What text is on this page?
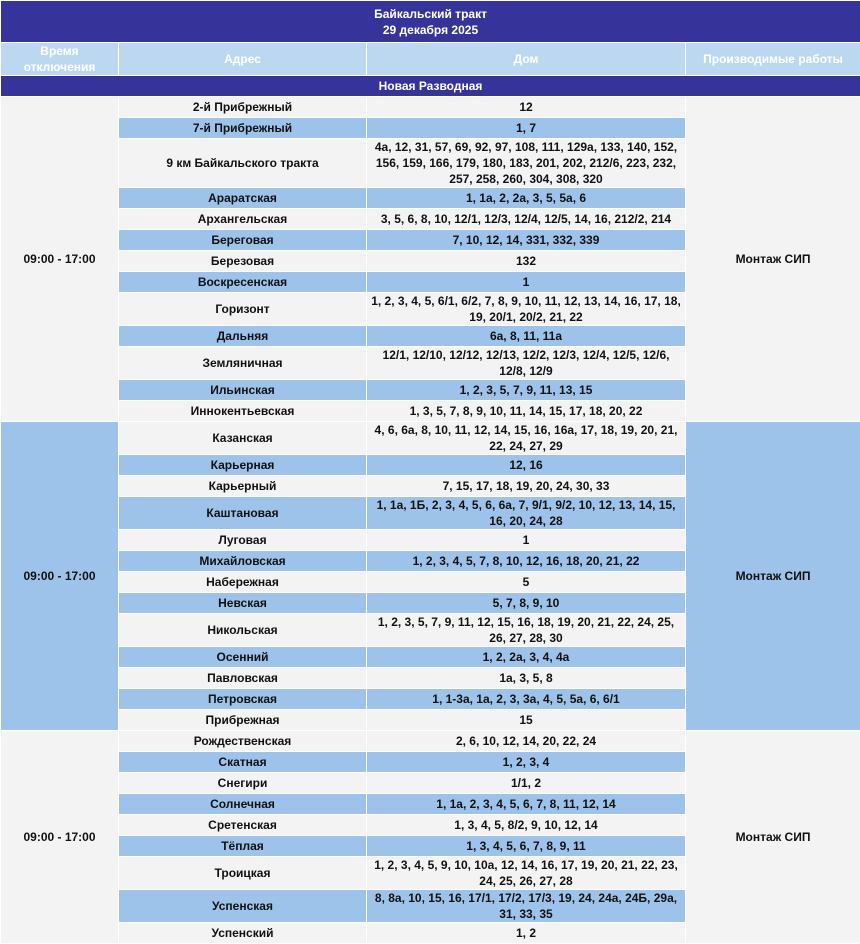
Байкальский тракт
29 декабря 2025			

Время отключения	Адрес	Дом	Производимые работы
Новая Разводная			
09:00 - 17:00	2-й Прибрежный	12	Монтаж СИП
	7-й Прибрежный	1, 7	
	9 км Байкальского тракта	4а, 12, 31, 57, 69, 92, 97, 108, 111, 129а, 133, 140, 152, 156, 159, 166, 179, 180, 183, 201, 202, 212/6, 223, 232, 257, 258, 260, 304, 308, 320	
	Араратская	1, 1а, 2, 2а, 3, 5, 5а, 6	
	Архангельская	3, 5, 6, 8, 10, 12/1, 12/3, 12/4, 12/5, 14, 16, 212/2, 214	
	Береговая	7, 10, 12, 14, 331, 332, 339	
	Березовая	132	
	Воскресенская	1	
	Горизонт	1, 2, 3, 4, 5, 6/1, 6/2, 7, 8, 9, 10, 11, 12, 13, 14, 16, 17, 18, 19, 20/1, 20/2, 21, 22	
	Дальняя	6а, 8, 11, 11а	
	Земляничная	12/1, 12/10, 12/12, 12/13, 12/2, 12/3, 12/4, 12/5, 12/6, 12/8, 12/9	
	Ильинская	1, 2, 3, 5, 7, 9, 11, 13, 15	
	Иннокентьевская	1, 3, 5, 7, 8, 9, 10, 11, 14, 15, 17, 18, 20, 22	
09:00 - 17:00	Казанская	4, 6, 6а, 8, 10, 11, 12, 14, 15, 16, 16а, 17, 18, 19, 20, 21, 22, 24, 27, 29	Монтаж СИП
	Карьерная	12, 16	
	Карьерный	7, 15, 17, 18, 19, 20, 24, 30, 33	
	Каштановая	1, 1а, 1Б, 2, 3, 4, 5, 6, 6а, 7, 9/1, 9/2, 10, 12, 13, 14, 15, 16, 20, 24, 28	
	Луговая	1	
	Михайловская	1, 2, 3, 4, 5, 7, 8, 10, 12, 16, 18, 20, 21, 22	
	Набережная	5	
	Невская	5, 7, 8, 9, 10	
	Никольская	1, 2, 3, 5, 7, 9, 11, 12, 15, 16, 18, 19, 20, 21, 22, 24, 25, 26, 27, 28, 30	
	Осенний	1, 2, 2а, 3, 4, 4а	
	Павловская	1а, 3, 5, 8	
	Петровская	1, 1-3а, 1а, 2, 3, 3а, 4, 5, 5а, 6, 6/1	
	Прибрежная	15	
09:00 - 17:00	Рождественская	2, 6, 10, 12, 14, 20, 22, 24	Монтаж СИП
	Скатная	1, 2, 3, 4	
	Снегири	1/1, 2	
	Солнечная	1, 1а, 2, 3, 4, 5, 6, 7, 8, 11, 12, 14	
	Сретенская	1, 3, 4, 5, 8/2, 9, 10, 12, 14	
	Тёплая	1, 3, 4, 5, 6, 7, 8, 9, 11	
	Троицкая	1, 2, 3, 4, 5, 9, 10, 10а, 12, 14, 16, 17, 19, 20, 21, 22, 23, 24, 25, 26, 27, 28	
	Успенская	8, 8а, 10, 15, 16, 17/1, 17/2, 17/3, 19, 24, 24а, 24Б, 29а, 31, 33, 35	
	Успенский	1, 2	
